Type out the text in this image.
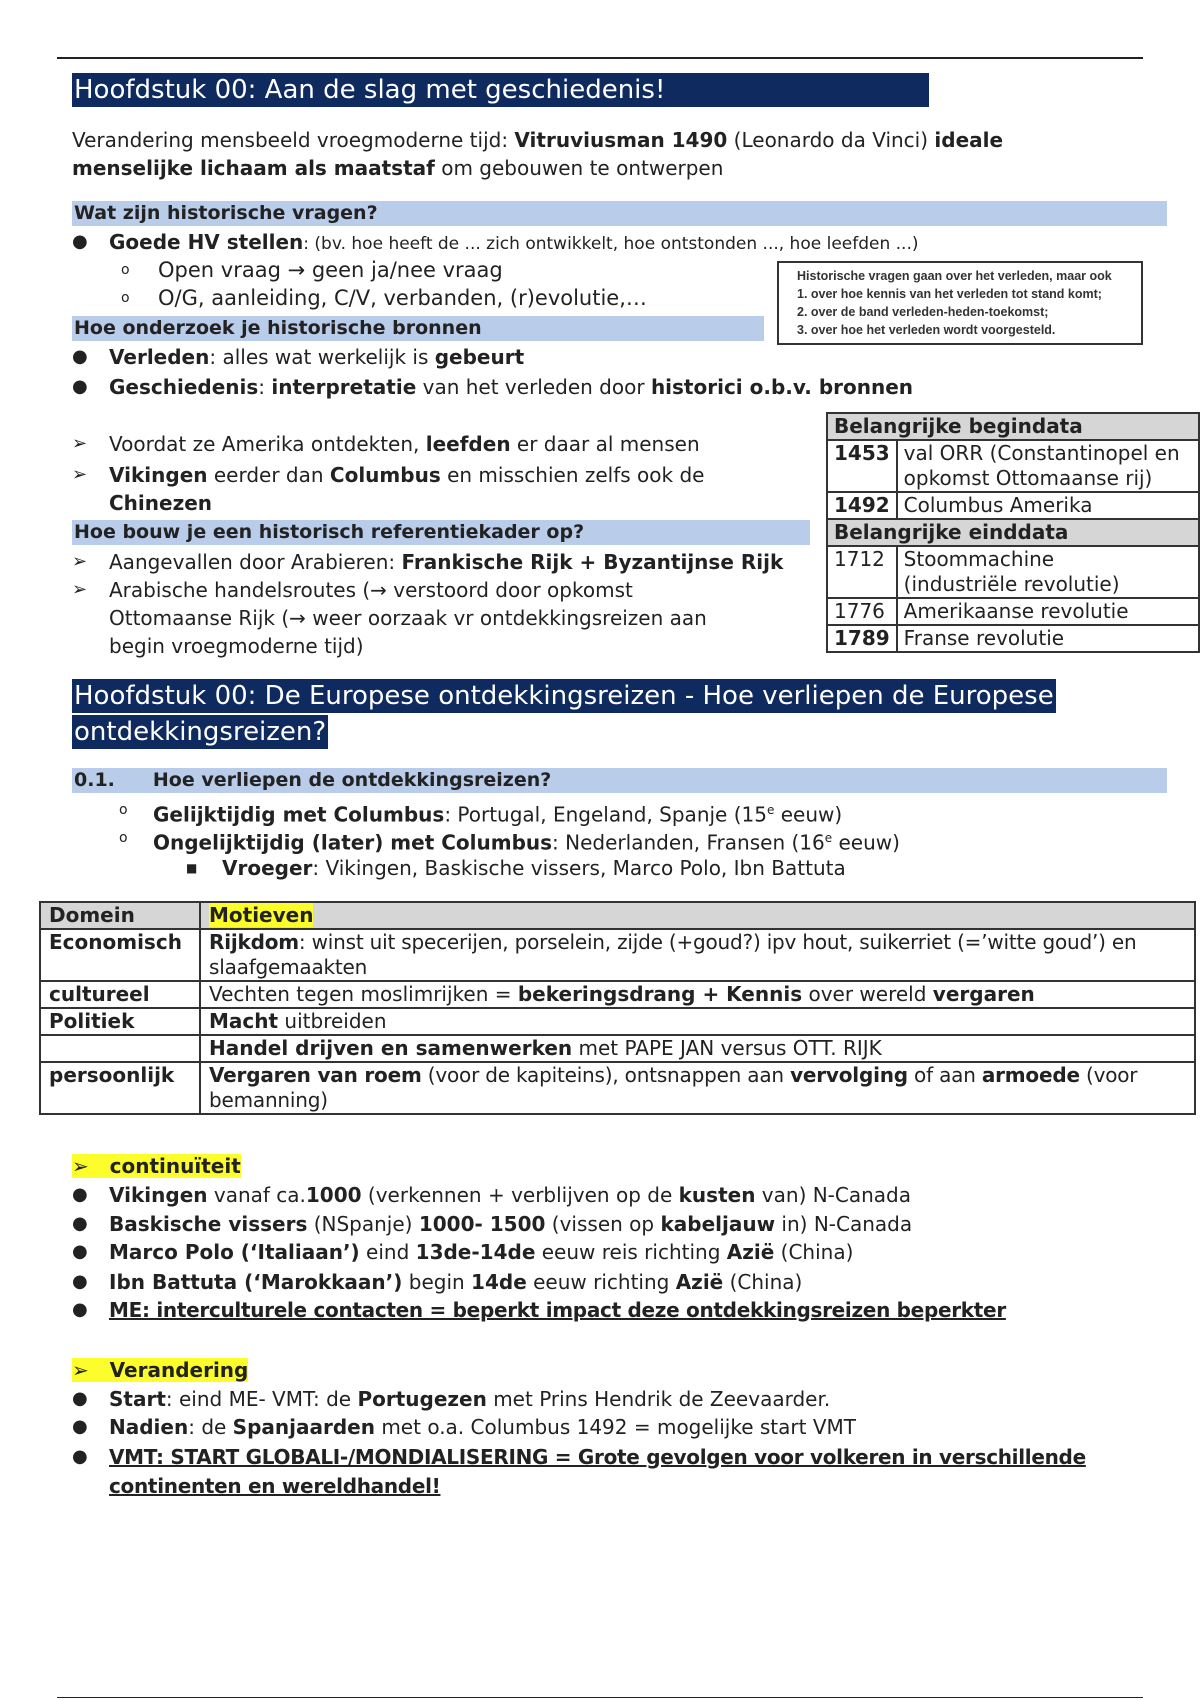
Hoofdstuk 00: Aan de slag met geschiedenis!
Verandering mensbeeld vroegmoderne tijd: Vitruviusman 1490 (Leonardo da Vinci) ideale
menselijke lichaam als maatstaf om gebouwen te ontwerpen
Wat zijn historische vragen?
● Goede HV stellen: (bv. hoe heeft de ... zich ontwikkelt, hoe ontstonden ..., hoe leefden ...)
o Open vraag → geen ja/nee vraag
o O/G, aanleiding, C/V, verbanden, (r)evolutie,…
Historische vragen gaan over het verleden, maar ook
1. over hoe kennis van het verleden tot stand komt;
2. over de band verleden-heden-toekomst;
3. over hoe het verleden wordt voorgesteld.
Hoe onderzoek je historische bronnen
● Verleden: alles wat werkelijk is gebeurt
● Geschiedenis: interpretatie van het verleden door historici o.b.v. bronnen
➢ Voordat ze Amerika ontdekten, leefden er daar al mensen
➢ Vikingen eerder dan Columbus en misschien zelfs ook de
Chinezen
Hoe bouw je een historisch referentiekader op?
➢ Aangevallen door Arabieren: Frankische Rijk + Byzantijnse Rijk
➢ Arabische handelsroutes (→ verstoord door opkomst
Ottomaanse Rijk (→ weer oorzaak vr ontdekkingsreizen aan
begin vroegmoderne tijd)
Belangrijke begindata	
1453	val ORR (Constantinopel en
opkomst Ottomaanse rij)
1492	Columbus Amerika
Belangrijke einddata	
1712	Stoommachine
(industriële revolutie)
1776	Amerikaanse revolutie
1789	Franse revolutie
Hoofdstuk 00: De Europese ontdekkingsreizen - Hoe verliepen de Europese
ontdekkingsreizen?
0.1. Hoe verliepen de ontdekkingsreizen?
o Gelijktijdig met Columbus: Portugal, Engeland, Spanje (15e eeuw)
o Ongelijktijdig (later) met Columbus: Nederlanden, Fransen (16e eeuw)
■ Vroeger: Vikingen, Baskische vissers, Marco Polo, Ibn Battuta
Domein	Motieven
Economisch	Rijkdom: winst uit specerijen, porselein, zijde (+goud?) ipv hout, suikerriet (=’witte goud’) en
slaafgemaakten
cultureel	Vechten tegen moslimrijken = bekeringsdrang + Kennis over wereld vergaren
Politiek	Macht uitbreiden
	Handel drijven en samenwerken met PAPE JAN versus OTT. RIJK
persoonlijk	Vergaren van roem (voor de kapiteins), ontsnappen aan vervolging of aan armoede (voor
bemanning)
➢ continuïteit
● Vikingen vanaf ca.1000 (verkennen + verblijven op de kusten van) N-Canada
● Baskische vissers (NSpanje) 1000- 1500 (vissen op kabeljauw in) N-Canada
● Marco Polo (‘Italiaan’) eind 13de-14de eeuw reis richting Azië (China)
● Ibn Battuta (‘Marokkaan’) begin 14de eeuw richting Azië (China)
● ME: interculturele contacten = beperkt impact deze ontdekkingsreizen beperkter
➢ Verandering
● Start: eind ME- VMT: de Portugezen met Prins Hendrik de Zeevaarder.
● Nadien: de Spanjaarden met o.a. Columbus 1492 = mogelijke start VMT
● VMT: START GLOBALI-/MONDIALISERING = Grote gevolgen voor volkeren in verschillende
continenten en wereldhandel!
